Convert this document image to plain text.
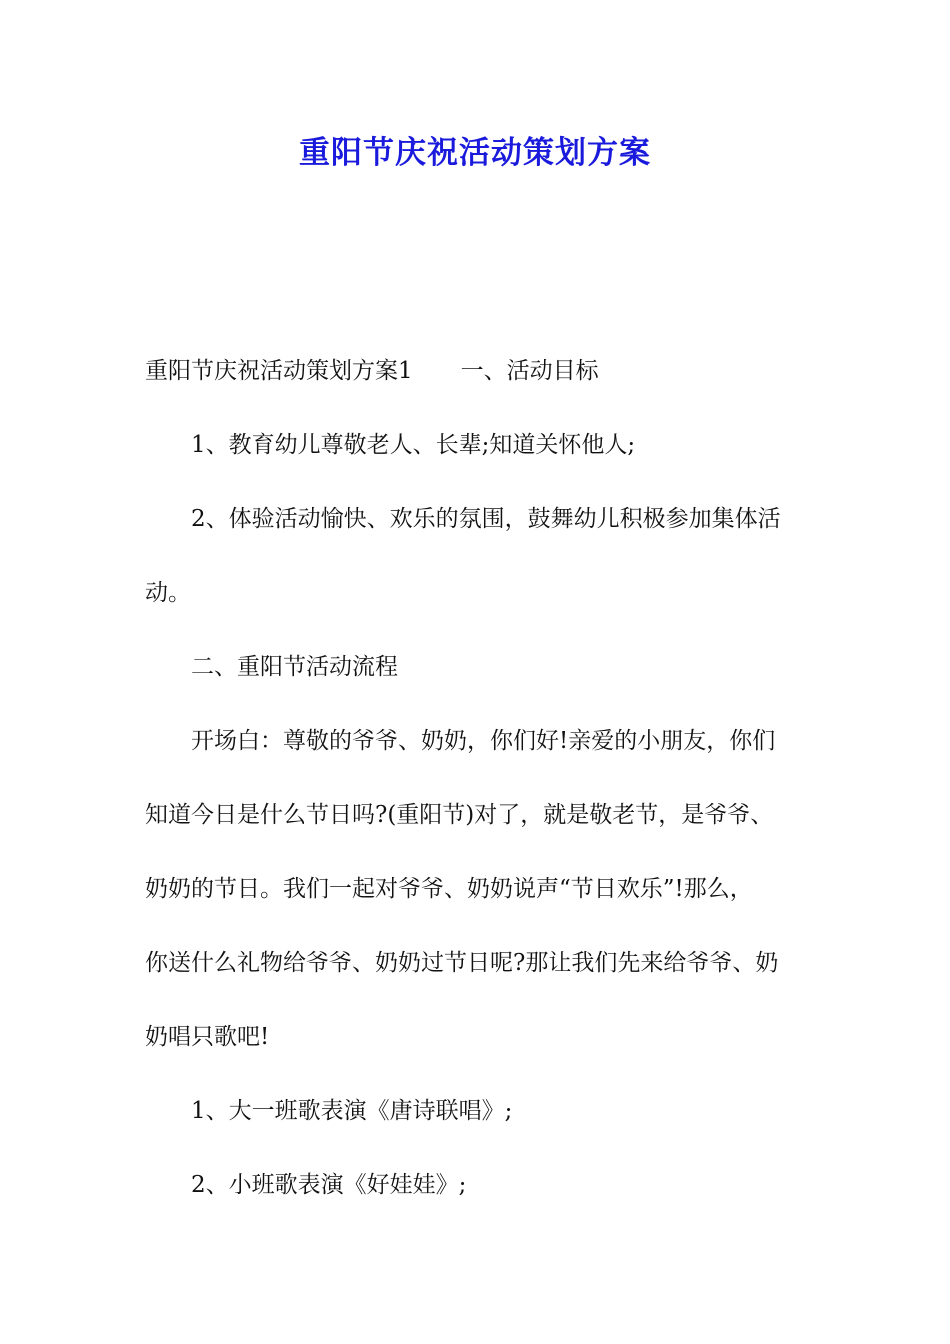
重阳节庆祝活动策划方案
重阳节庆祝活动策划方案1 一、活动目标
1、教育幼儿尊敬老人、长辈;知道关怀他人;
2、体验活动愉快、欢乐的氛围，鼓舞幼儿积极参加集体活
动。
二、重阳节活动流程
开场白：尊敬的爷爷、奶奶，你们好!亲爱的小朋友，你们
知道今日是什么节日吗?(重阳节)对了，就是敬老节，是爷爷、
奶奶的节日。我们一起对爷爷、奶奶说声“节日欢乐”!那么，
你送什么礼物给爷爷、奶奶过节日呢?那让我们先来给爷爷、奶
奶唱只歌吧!
1、大一班歌表演《唐诗联唱》;
2、小班歌表演《好娃娃》;
